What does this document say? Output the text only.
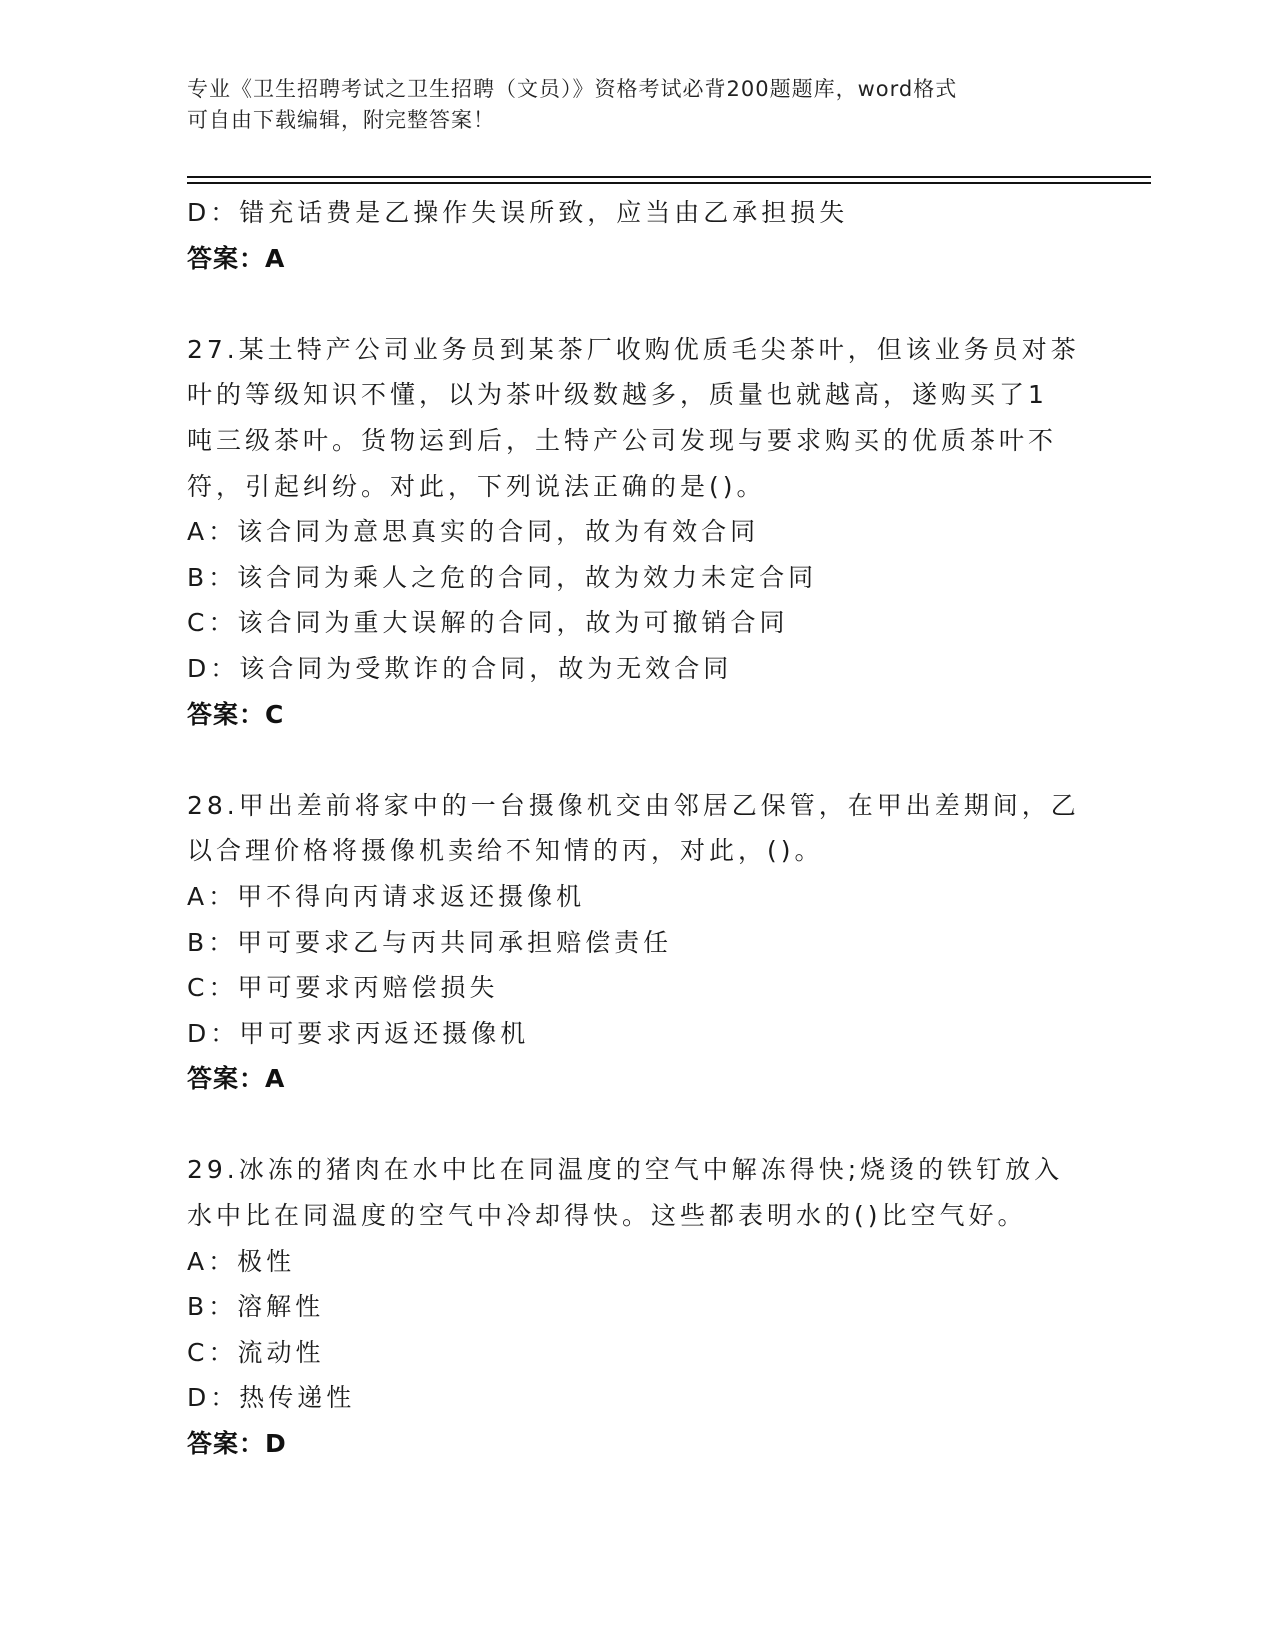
专业《卫生招聘考试之卫生招聘（文员）》资格考试必背200题题库，word格式
可自由下载编辑，附完整答案！
D：错充话费是乙操作失误所致，应当由乙承担损失
答案：A
27.某土特产公司业务员到某茶厂收购优质毛尖茶叶，但该业务员对茶
叶的等级知识不懂，以为茶叶级数越多，质量也就越高，遂购买了1
吨三级茶叶。货物运到后，土特产公司发现与要求购买的优质茶叶不
符，引起纠纷。对此，下列说法正确的是()。
A：该合同为意思真实的合同，故为有效合同
B：该合同为乘人之危的合同，故为效力未定合同
C：该合同为重大误解的合同，故为可撤销合同
D：该合同为受欺诈的合同，故为无效合同
答案：C
28.甲出差前将家中的一台摄像机交由邻居乙保管，在甲出差期间，乙
以合理价格将摄像机卖给不知情的丙，对此，()。
A：甲不得向丙请求返还摄像机
B：甲可要求乙与丙共同承担赔偿责任
C：甲可要求丙赔偿损失
D：甲可要求丙返还摄像机
答案：A
29.冰冻的猪肉在水中比在同温度的空气中解冻得快;烧烫的铁钉放入
水中比在同温度的空气中冷却得快。这些都表明水的()比空气好。
A：极性
B：溶解性
C：流动性
D：热传递性
答案：D
